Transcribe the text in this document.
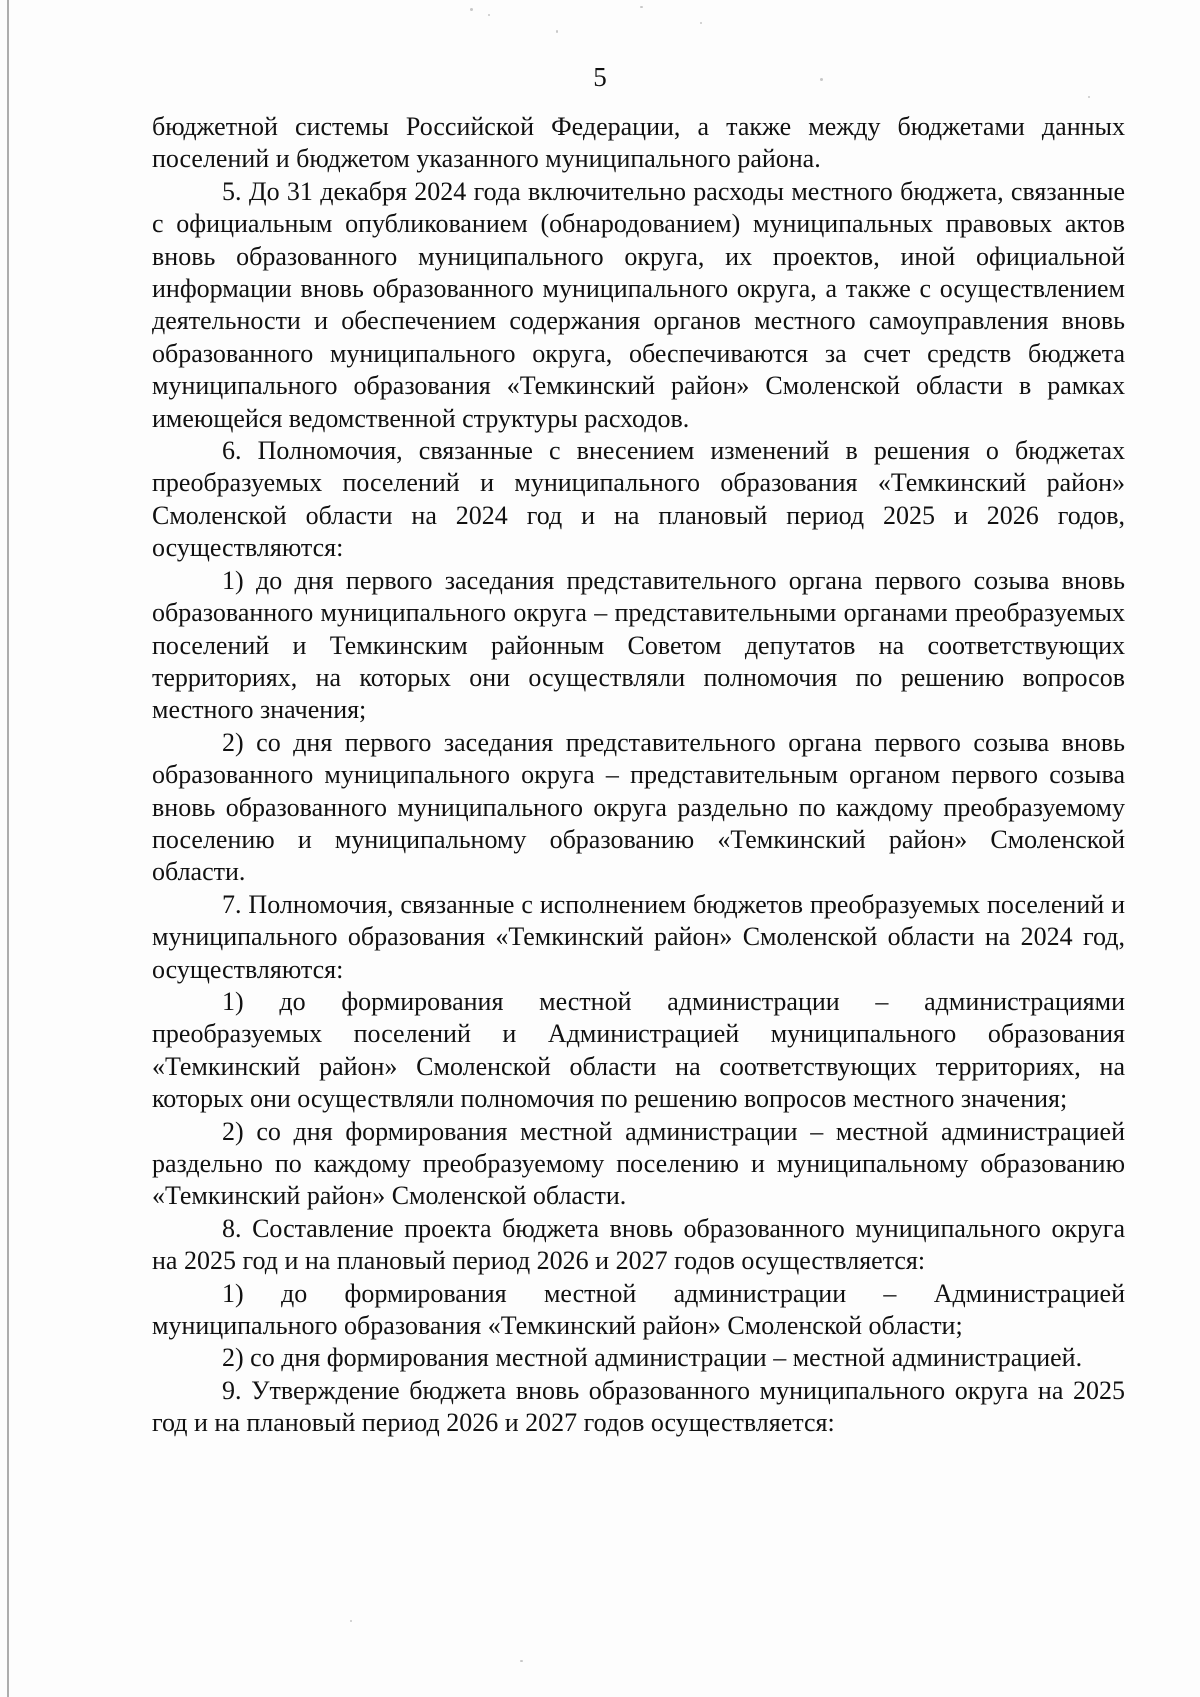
5

бюджетной системы Российской Федерации, а также между бюджетами данных поселений и бюджетом указанного муниципального района.

5. До 31 декабря 2024 года включительно расходы местного бюджета, связанные с официальным опубликованием (обнародованием) муниципальных правовых актов вновь образованного муниципального округа, их проектов, иной официальной информации вновь образованного муниципального округа, а также с осуществлением деятельности и обеспечением содержания органов местного самоуправления вновь образованного муниципального округа, обеспечиваются за счет средств бюджета муниципального образования «Темкинский район» Смоленской области в рамках имеющейся ведомственной структуры расходов.

6. Полномочия, связанные с внесением изменений в решения о бюджетах преобразуемых поселений и муниципального образования «Темкинский район» Смоленской области на 2024 год и на плановый период 2025 и 2026 годов, осуществляются:

1) до дня первого заседания представительного органа первого созыва вновь образованного муниципального округа – представительными органами преобразуемых поселений и Темкинским районным Советом депутатов на соответствующих территориях, на которых они осуществляли полномочия по решению вопросов местного значения;

2) со дня первого заседания представительного органа первого созыва вновь образованного муниципального округа – представительным органом первого созыва вновь образованного муниципального округа раздельно по каждому преобразуемому поселению и муниципальному образованию «Темкинский район» Смоленской области.

7. Полномочия, связанные с исполнением бюджетов преобразуемых поселений и муниципального образования «Темкинский район» Смоленской области на 2024 год, осуществляются:

1) до формирования местной администрации – администрациями преобразуемых поселений и Администрацией муниципального образования «Темкинский район» Смоленской области на соответствующих территориях, на которых они осуществляли полномочия по решению вопросов местного значения;

2) со дня формирования местной администрации – местной администрацией раздельно по каждому преобразуемому поселению и муниципальному образованию «Темкинский район» Смоленской области.

8. Составление проекта бюджета вновь образованного муниципального округа на 2025 год и на плановый период 2026 и 2027 годов осуществляется:

1) до формирования местной администрации – Администрацией муниципального образования «Темкинский район» Смоленской области;

2) со дня формирования местной администрации – местной администрацией.

9. Утверждение бюджета вновь образованного муниципального округа на 2025 год и на плановый период 2026 и 2027 годов осуществляется:
